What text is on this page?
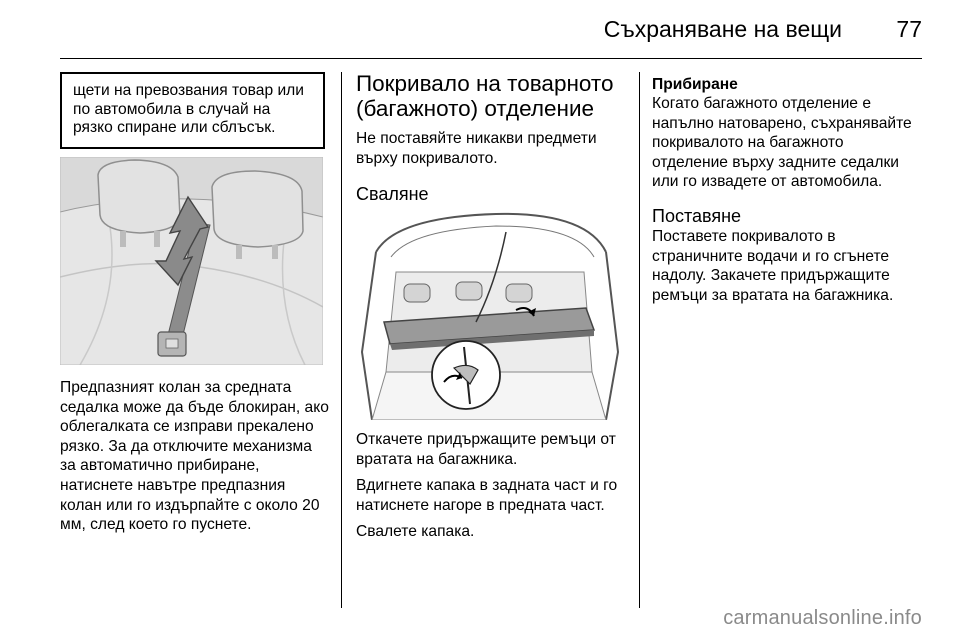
Съхраняване на вещи 77
щети на превозвания товар или по автомобила в случай на рязко спиране или сблъсък.

Предпазният колан за средната седалка може да бъде блокиран, ако облегалката се изправи прекалено рязко. За да отключите механизма за автоматично прибиране, натиснете навътре предпазния колан или го издърпайте с около 20 мм, след което го пуснете.

Покривало на товарното (багажното) отделение

Не поставяйте никакви предмети върху покривалото.

Сваляне

Откачете придържащите ремъци от вратата на багажника.

Вдигнете капака в задната част и го натиснете нагоре в предната част.

Свалете капака.

Прибиране

Когато багажното отделение е напълно натоварено, съхранявайте покривалото на багажното отделение върху задните седалки или го извадете от автомобила.

Поставяне

Поставете покривалото в страничните водачи и го сгънете надолу. Закачете придържащите ремъци за вратата на багажника.

carmanualsonline.info
